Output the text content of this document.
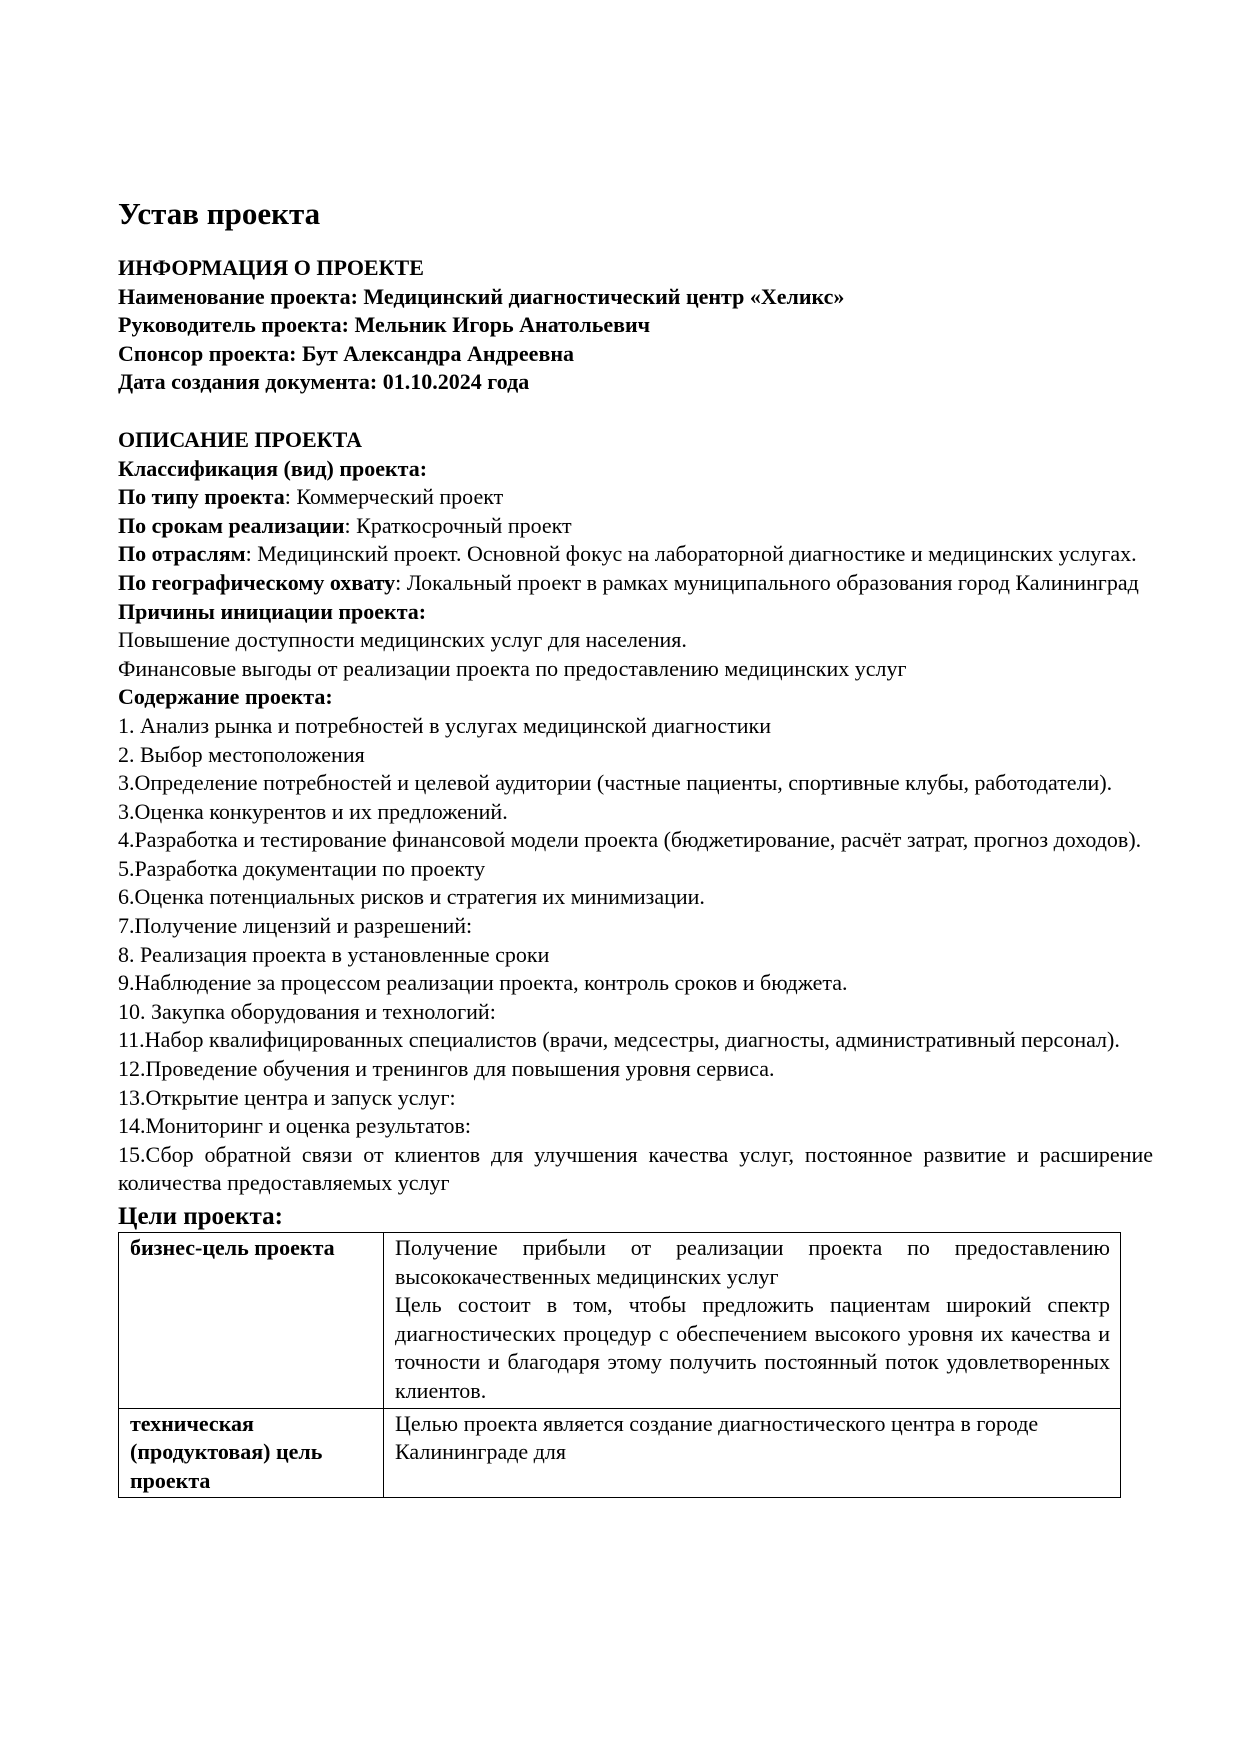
Устав проекта

ИНФОРМАЦИЯ О ПРОЕКТЕ

Наименование проекта: Медицинский диагностический центр «Хеликс»

Руководитель проекта: Мельник Игорь Анатольевич

Спонсор проекта: Бут Александра Андреевна

Дата создания документа: 01.10.2024 года

ОПИСАНИЕ ПРОЕКТА

Классификация (вид) проекта:

По типу проекта: Коммерческий проект

По срокам реализации: Краткосрочный проект

По отраслям: Медицинский проект. Основной фокус на лабораторной диагностике и медицинских услугах.

По географическому охвату: Локальный проект в рамках муниципального образования город Калининград

Причины инициации проекта:

Повышение доступности медицинских услуг для населения.

Финансовые выгоды от реализации проекта по предоставлению медицинских услуг

Содержание проекта:

1. Анализ рынка и потребностей в услугах медицинской диагностики

2. Выбор местоположения

3.Определение потребностей и целевой аудитории (частные пациенты, спортивные клубы, работодатели).

3.Оценка конкурентов и их предложений.

4.Разработка и тестирование финансовой модели проекта (бюджетирование, расчёт затрат, прогноз доходов).

5.Разработка документации по проекту

6.Оценка потенциальных рисков и стратегия их минимизации.

7.Получение лицензий и разрешений:

8. Реализация проекта в установленные сроки

9.Наблюдение за процессом реализации проекта, контроль сроков и бюджета.

10. Закупка оборудования и технологий:

11.Набор квалифицированных специалистов (врачи, медсестры, диагносты, административный персонал).

12.Проведение обучения и тренингов для повышения уровня сервиса.

13.Открытие центра и запуск услуг:

14.Мониторинг и оценка результатов:

15.Сбор обратной связи от клиентов для улучшения качества услуг, постоянное развитие и расширение количества предоставляемых услуг

Цели проекта:

бизнес-цель проекта	Получение прибыли от реализации проекта по предоставлению высококачественных медицинских услуг
Цель состоит в том, чтобы предложить пациентам широкий спектр диагностических процедур с обеспечением высокого уровня их качества и точности и благодаря этому получить постоянный поток удовлетворенных клиентов.

техническая (продуктовая) цель проекта	Целью проекта является создание диагностического центра в городе Калининграде для
